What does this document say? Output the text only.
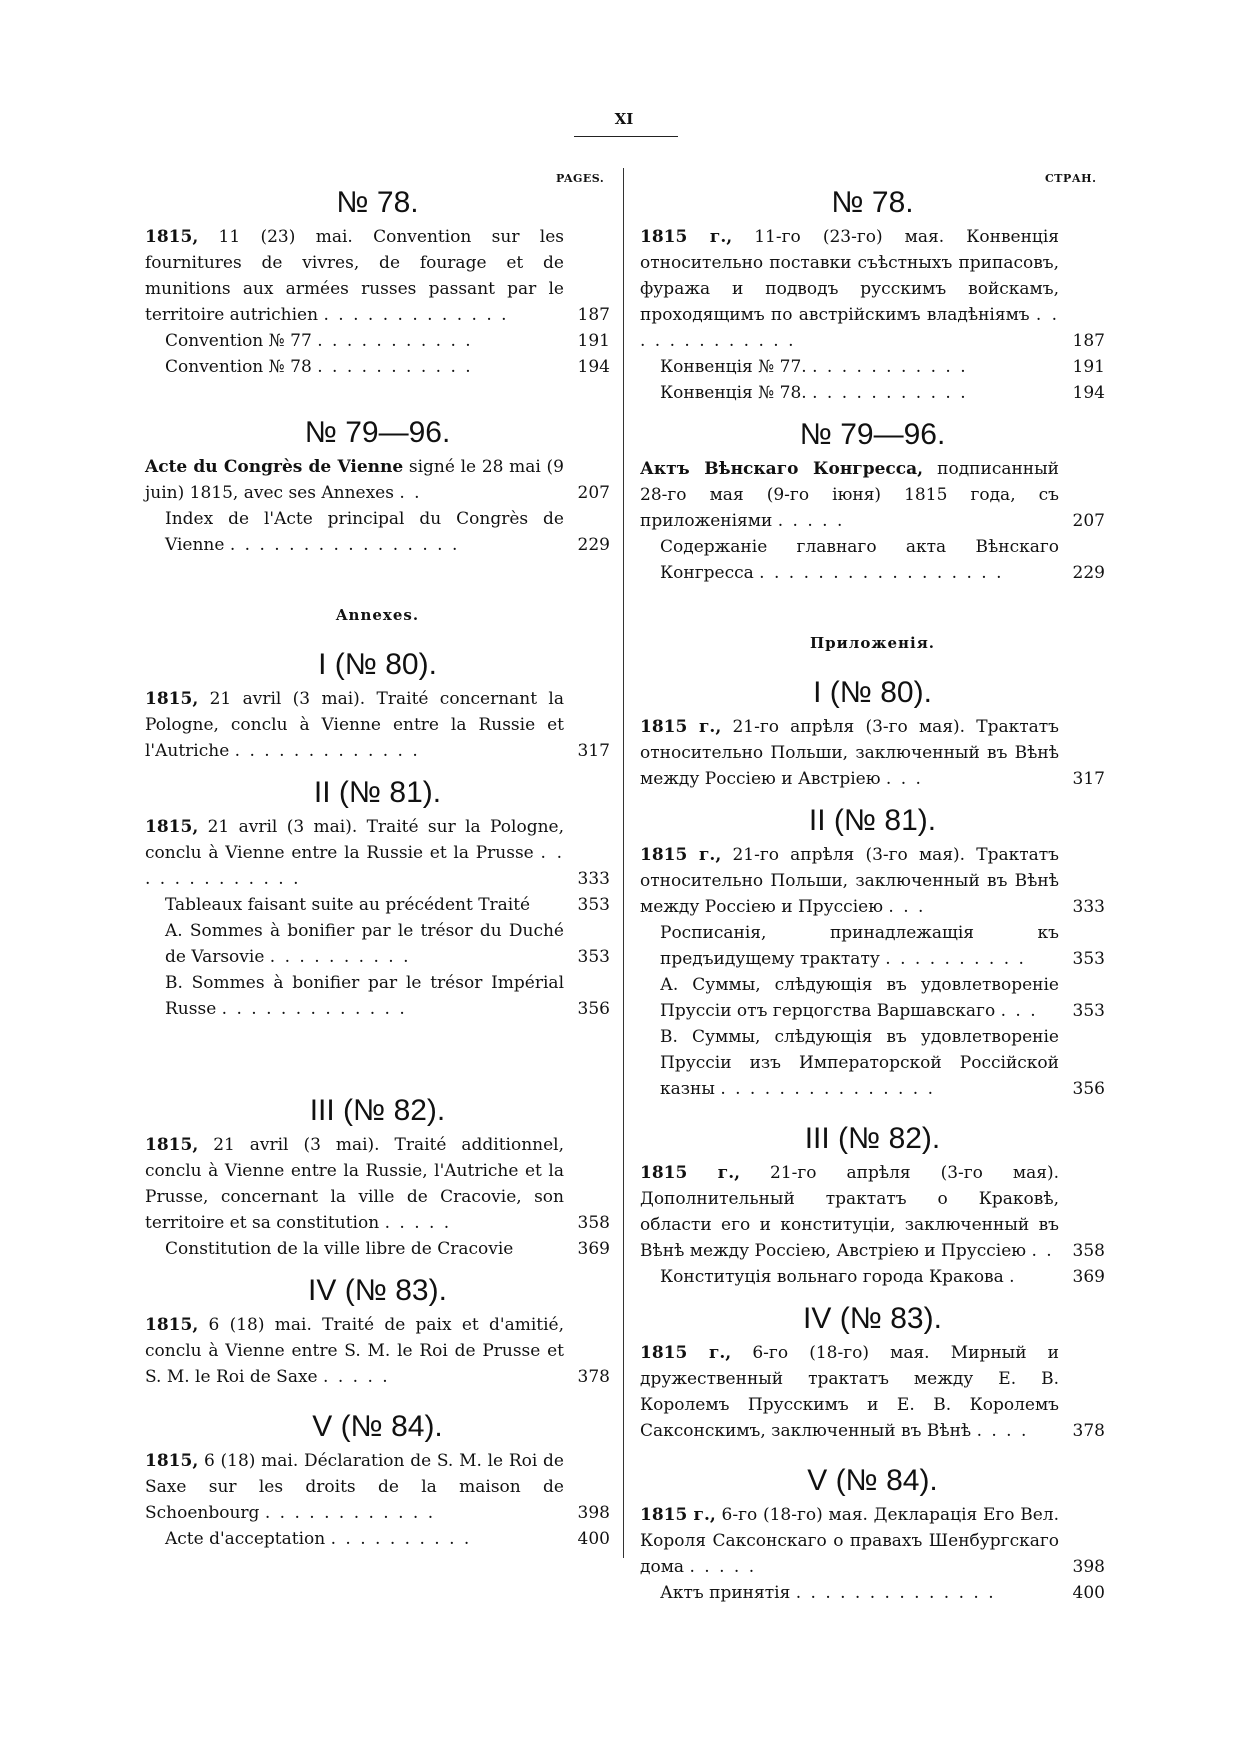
XI
PAGES.	СТРАН.
№ 78.
1815, 11 (23) mai. Convention sur les fournitures de vivres, de fourage et de munitions aux armées russes passant par le territoire autrichien . . . . . . . . . . . . .	187
Convention № 77 . . . . . . . . . . .	191
Convention № 78 . . . . . . . . . . .	194
№ 79—96.
Acte du Congrès de Vienne signé le 28 mai (9 juin) 1815, avec ses Annexes . .	207
Index de l'Acte principal du Congrès de Vienne . . . . . . . . . . . . . . . .	229
Annexes.
I (№ 80).
1815, 21 avril (3 mai). Traité concernant la Pologne, conclu à Vienne entre la Russie et l'Autriche . . . . . . . . . . . . .	317
II (№ 81).
1815, 21 avril (3 mai). Traité sur la Pologne, conclu à Vienne entre la Russie et la Prusse . . . . . . . . . . . . .	333
Tableaux faisant suite au précédent Traité	353
A. Sommes à bonifier par le trésor du Duché de Varsovie . . . . . . . . . .	353
B. Sommes à bonifier par le trésor Impérial Russe . . . . . . . . . . . . .	356
III (№ 82).
1815, 21 avril (3 mai). Traité additionnel, conclu à Vienne entre la Russie, l'Autriche et la Prusse, concernant la ville de Cracovie, son territoire et sa constitution . . . . .	358
Constitution de la ville libre de Cracovie	369
IV (№ 83).
1815, 6 (18) mai. Traité de paix et d'amitié, conclu à Vienne entre S. M. le Roi de Prusse et S. M. le Roi de Saxe . . . . .	378
V (№ 84).
1815, 6 (18) mai. Déclaration de S. M. le Roi de Saxe sur les droits de la maison de Schoenbourg . . . . . . . . . . . .	398
Acte d'acceptation . . . . . . . . . .	400
№ 78.
1815 г., 11-го (23-го) мая. Конвенція относительно поставки съѣстныхъ припасовъ, фуража и подводъ русскимъ войскамъ, проходящимъ по австрійскимъ владѣніямъ . . . . . . . . . . . . .	187
Конвенція № 77. . . . . . . . . . . .	191
Конвенція № 78. . . . . . . . . . . .	194
№ 79—96.
Актъ Вѣнскаго Конгресса, подписанный 28-го мая (9-го іюня) 1815 года, съ приложеніями . . . . .	207
Содержаніе главнаго акта Вѣнскаго Конгресса . . . . . . . . . . . . . . . . .	229
Приложенія.
I (№ 80).
1815 г., 21-го апрѣля (3-го мая). Трактатъ относительно Польши, заключенный въ Вѣнѣ между Россіею и Австріею . . .	317
II (№ 81).
1815 г., 21-го апрѣля (3-го мая). Трактатъ относительно Польши, заключенный въ Вѣнѣ между Россіею и Пруссіею . . .	333
Росписанія, принадлежащія къ предъидущему трактату . . . . . . . . . .	353
А. Суммы, слѣдующія въ удовлетвореніе Пруссіи отъ герцогства Варшавскаго . . .	353
В. Суммы, слѣдующія въ удовлетвореніе Пруссіи изъ Императорской Россійской казны . . . . . . . . . . . . . . .	356
III (№ 82).
1815 г., 21-го апрѣля (3-го мая). Дополнительный трактатъ о Краковѣ, области его и конституціи, заключенный въ Вѣнѣ между Россіею, Австріею и Пруссіею . .	358
Конституція вольнаго города Кракова .	369
IV (№ 83).
1815 г., 6-го (18-го) мая. Мирный и дружественный трактатъ между Е. В. Королемъ Прусскимъ и Е. В. Королемъ Саксонскимъ, заключенный въ Вѣнѣ . . . .	378
V (№ 84).
1815 г., 6-го (18-го) мая. Декларація Его Вел. Короля Саксонскаго о правахъ Шенбургскаго дома . . . . .	398
Актъ принятія . . . . . . . . . . . . . .	400
